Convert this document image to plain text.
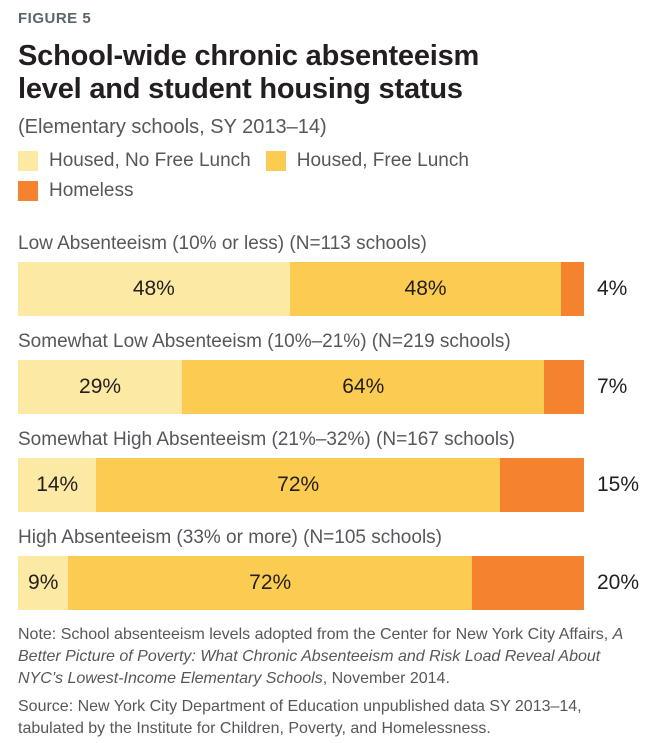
FIGURE 5
School-wide chronic absenteeism
level and student housing status
(Elementary schools, SY 2013–14)
Housed, No Free Lunch Housed, Free Lunch
Homeless
Low Absenteeism (10% or less) (N=113 schools)
48%	48%	4%
Somewhat Low Absenteeism (10%–21%) (N=219 schools)
29%	64%	7%
Somewhat High Absenteeism (21%–32%) (N=167 schools)
14%	72%	15%
High Absenteeism (33% or more) (N=105 schools)
9%	72%	20%

Note: School absenteeism levels adopted from the Center for New York City Affairs, A Better Picture of Poverty: What Chronic Absenteeism and Risk Load Reveal About NYC’s Lowest-Income Elementary Schools, November 2014.

Source: New York City Department of Education unpublished data SY 2013–14, tabulated by the Institute for Children, Poverty, and Homelessness.
